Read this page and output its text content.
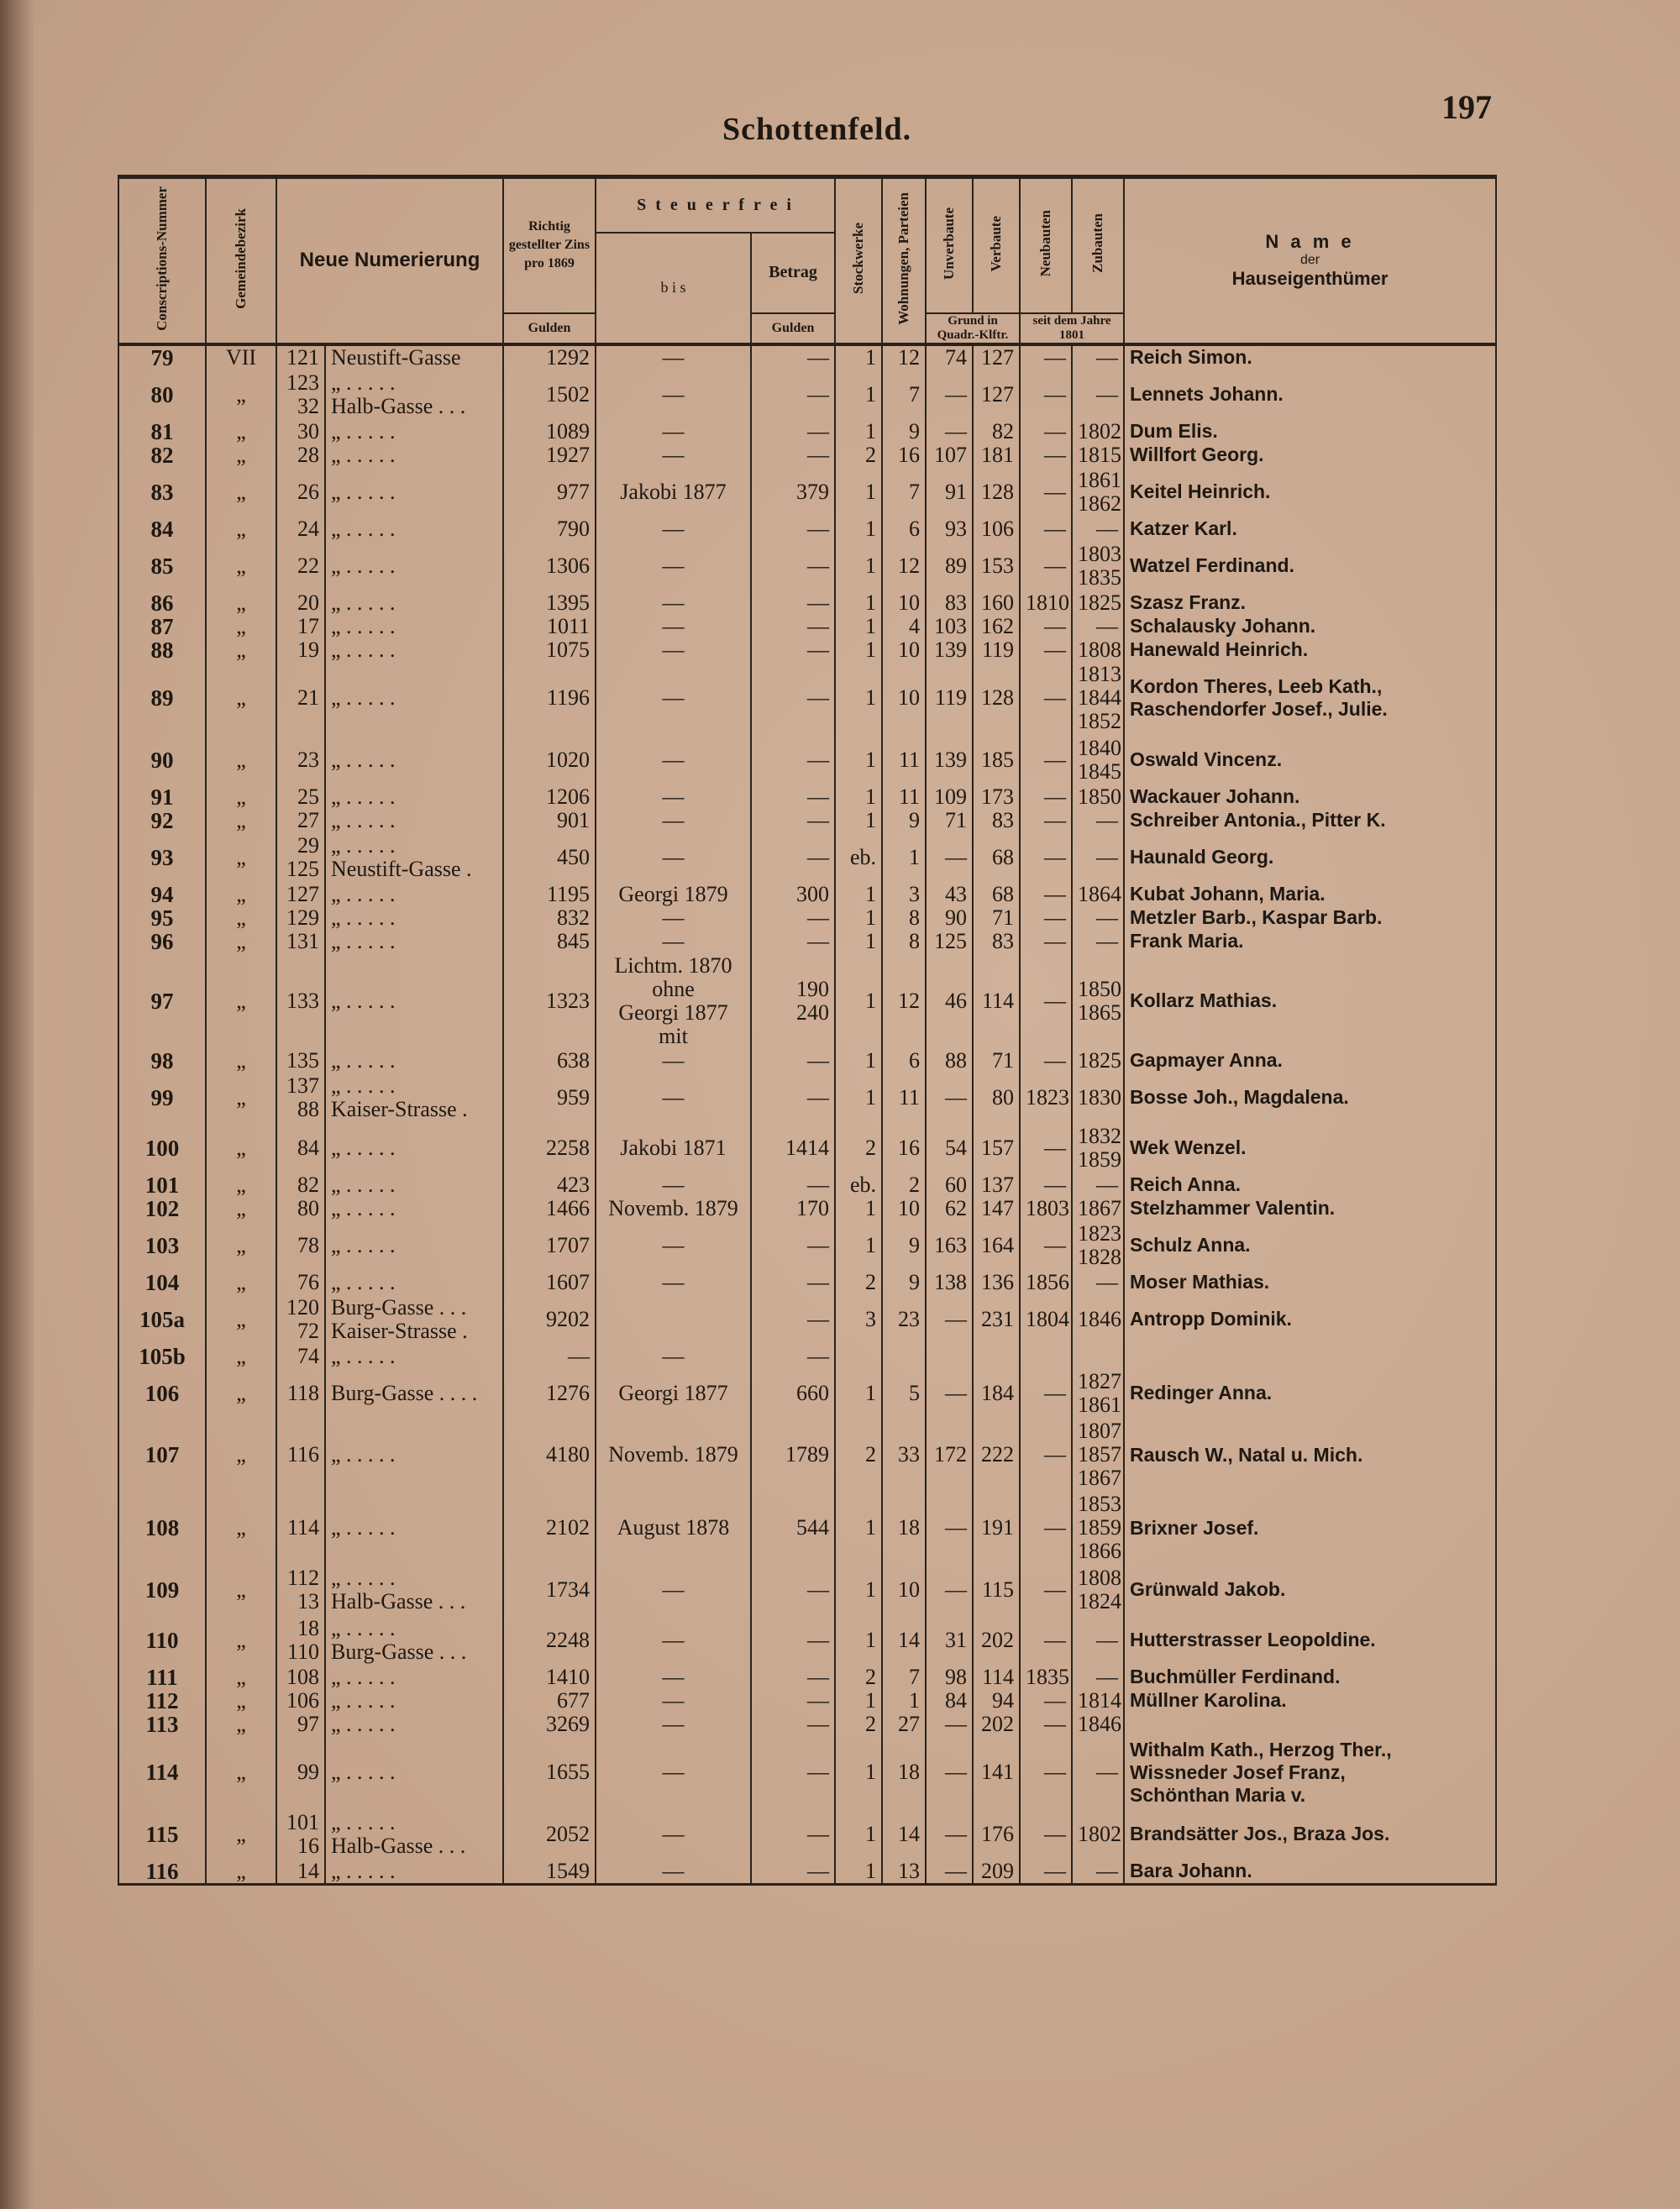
Schottenfeld.
197
Conscriptions-Nummer	Gemeindebezirk	Neue Numerierung		Richtig gestellter Zins pro 1869	S t e u e r f r e i		Stockwerke	Wohnungen, Parteien	Unverbaute	Verbaute	Neubauten	Zubauten	N a m e
der
Hauseigenthümer

					b i s	Betrag							
				Gulden		Gulden			Grund in Quadr.-Klftr.		seit dem Jahre 1801		

79	VII	121	Neustift-Gasse	1292	—	—	1	12	74	127	—	—	Reich Simon.

80	„	123
32	„ . . . . .
Halb-Gasse . . .	1502	—	—	1	7	—	127	—	—	Lennets Johann.

81	„	30	„ . . . . .	1089	—	—	1	9	—	82	—	1802	Dum Elis.

82	„	28	„ . . . . .	1927	—	—	2	16	107	181	—	1815	Willfort Georg.

83	„	26	„ . . . . .	977	Jakobi 1877	379	1	7	91	128	—	1861
1862	Keitel Heinrich.

84	„	24	„ . . . . .	790	—	—	1	6	93	106	—	—	Katzer Karl.

85	„	22	„ . . . . .	1306	—	—	1	12	89	153	—	1803
1835	Watzel Ferdinand.

86	„	20	„ . . . . .	1395	—	—	1	10	83	160	1810	1825	Szasz Franz.

87	„	17	„ . . . . .	1011	—	—	1	4	103	162	—	—	Schalausky Johann.

88	„	19	„ . . . . .	1075	—	—	1	10	139	119	—	1808	Hanewald Heinrich.

89	„	21	„ . . . . .	1196	—	—	1	10	119	128	—	1813
1844
1852	Kordon Theres, Leeb Kath.,
Raschendorfer Josef., Julie.

90	„	23	„ . . . . .	1020	—	—	1	11	139	185	—	1840
1845	Oswald Vincenz.

91	„	25	„ . . . . .	1206	—	—	1	11	109	173	—	1850	Wackauer Johann.

92	„	27	„ . . . . .	901	—	—	1	9	71	83	—	—	Schreiber Antonia., Pitter K.

93	„	29
125	„ . . . . .
Neustift-Gasse .	450	—	—	eb.	1	—	68	—	—	Haunald Georg.

94	„	127	„ . . . . .	1195	Georgi 1879	300	1	3	43	68	—	1864	Kubat Johann, Maria.

95	„	129	„ . . . . .	832	—	—	1	8	90	71	—	—	Metzler Barb., Kaspar Barb.

96	„	131	„ . . . . .	845	—	—	1	8	125	83	—	—	Frank Maria.

97	„	133	„ . . . . .	1323	Lichtm. 1870
ohne
Georgi 1877
mit	190
240	1	12	46	114	—	1850
1865	Kollarz Mathias.

98	„	135	„ . . . . .	638	—	—	1	6	88	71	—	1825	Gapmayer Anna.

99	„	137
88	„ . . . . .
Kaiser-Strasse .	959	—	—	1	11	—	80	1823	1830	Bosse Joh., Magdalena.

100	„	84	„ . . . . .	2258	Jakobi 1871	1414	2	16	54	157	—	1832
1859	Wek Wenzel.

101	„	82	„ . . . . .	423	—	—	eb.	2	60	137	—	—	Reich Anna.

102	„	80	„ . . . . .	1466	Novemb. 1879	170	1	10	62	147	1803	1867	Stelzhammer Valentin.

103	„	78	„ . . . . .	1707	—	—	1	9	163	164	—	1823
1828	Schulz Anna.

104	„	76	„ . . . . .	1607	—	—	2	9	138	136	1856	—	Moser Mathias.

105a	„	120
72	Burg-Gasse . . .
Kaiser-Strasse .	9202		—	3	23	—	231	1804	1846	Antropp Dominik.

105b	„	74	„ . . . . .	—	—	—							

106	„	118	Burg-Gasse . . . .	1276	Georgi 1877	660	1	5	—	184	—	1827
1861	Redinger Anna.

107	„	116	„ . . . . .	4180	Novemb. 1879	1789	2	33	172	222	—	1807
1857
1867	Rausch W., Natal u. Mich.

108	„	114	„ . . . . .	2102	August 1878	544	1	18	—	191	—	1853
1859
1866	Brixner Josef.

109	„	112
13	„ . . . . .
Halb-Gasse . . .	1734	—	—	1	10	—	115	—	1808
1824	Grünwald Jakob.

110	„	18
110	„ . . . . .
Burg-Gasse . . .	2248	—	—	1	14	31	202	—	—	Hutterstrasser Leopoldine.

111	„	108	„ . . . . .	1410	—	—	2	7	98	114	1835	—	Buchmüller Ferdinand.

112	„	106	„ . . . . .	677	—	—	1	1	84	94	—	1814	Müllner Karolina.

113	„	97	„ . . . . .	3269	—	—	2	27	—	202	—	1846	

114	„	99	„ . . . . .	1655	—	—	1	18	—	141	—	—	Withalm Kath., Herzog Ther.,
Wissneder Josef Franz,
Schönthan Maria v.

115	„	101
16	„ . . . . .
Halb-Gasse . . .	2052	—	—	1	14	—	176	—	1802	Brandsätter Jos., Braza Jos.

116	„	14	„ . . . . .	1549	—	—	1	13	—	209	—	—	Bara Johann.
